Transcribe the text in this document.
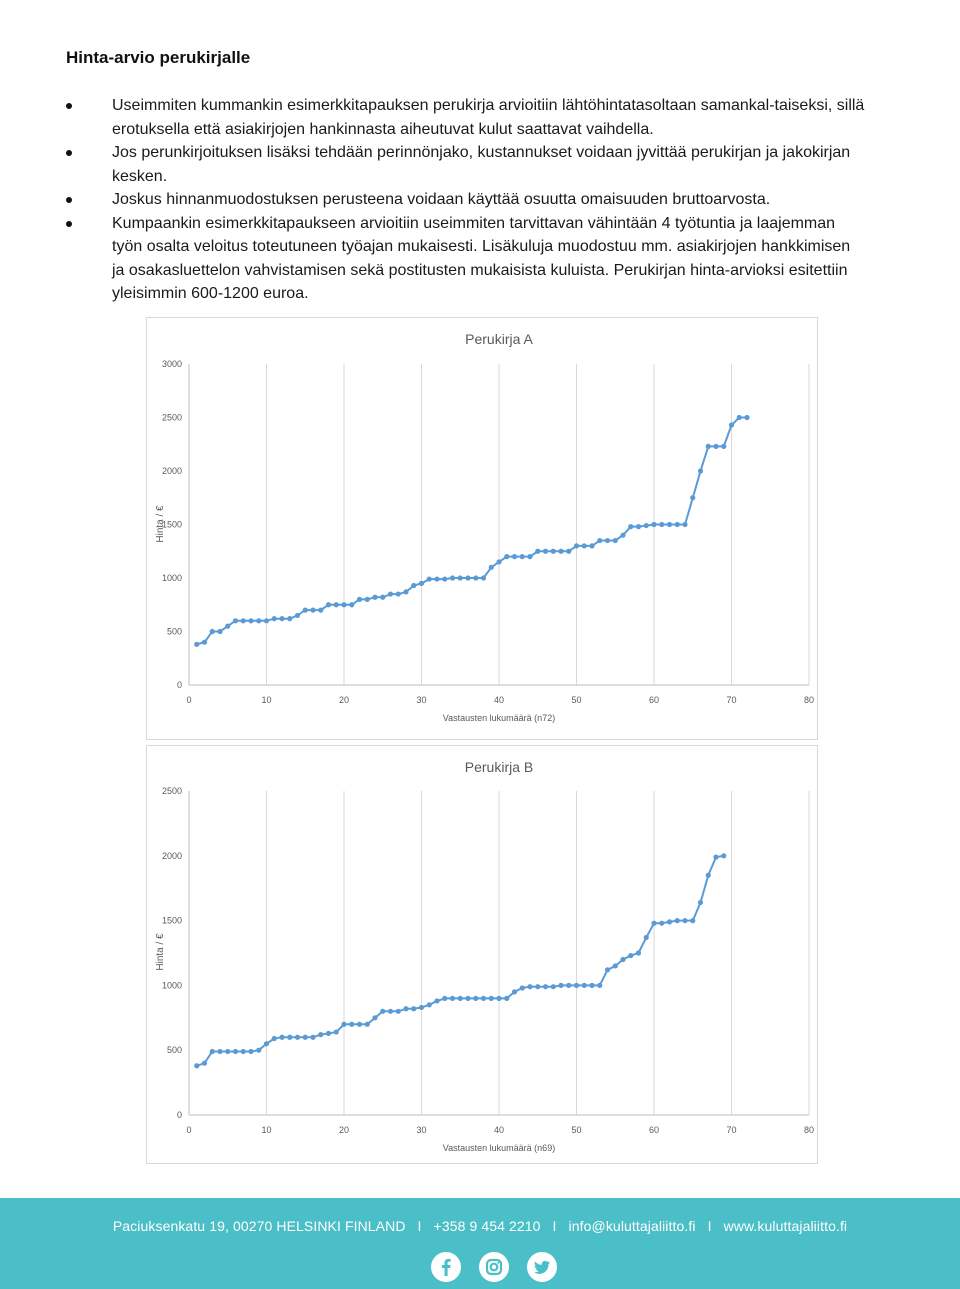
Hinta-arvio perukirjalle
Useimmiten kummankin esimerkkitapauksen perukirja arvioitiin lähtöhintatasoltaan samankal-taiseksi, sillä erotuksella että asiakirjojen hankinnasta aiheutuvat kulut saattavat vaihdella.
Jos perunkirjoituksen lisäksi tehdään perinnönjako, kustannukset voidaan jyvittää perukirjan ja jakokirjan kesken.
Joskus hinnanmuodostuksen perusteena voidaan käyttää osuutta omaisuuden bruttoarvosta.
Kumpaankin esimerkkitapaukseen arvioitiin useimmiten tarvittavan vähintään 4 työtuntia ja laajemman työn osalta veloitus toteutuneen työajan mukaisesti. Lisäkuluja muodostuu mm. asiakirjojen hankkimisen ja osakasluettelon vahvistamisen sekä postitusten mukaisista kuluista. Perukirjan hinta-arvioksi esitettiin yleisimmin 600-1200 euroa.
0	10	20	30	40	50	60	70	80
0
500
1000
1500
2000
2500
3000
Perukirja A
Vastausten lukumäärä (n72)
Hinta / €
0	10	20	30	40	50	60	70	80
0
500
1000
1500
2000
2500
Perukirja B
Vastausten lukumäärä (n69)
Hinta / €
Paciuksenkatu 19, 00270 HELSINKI FINLAND I +358 9 454 2210 I info@kuluttajaliitto.fi I www.kuluttajaliitto.fi
